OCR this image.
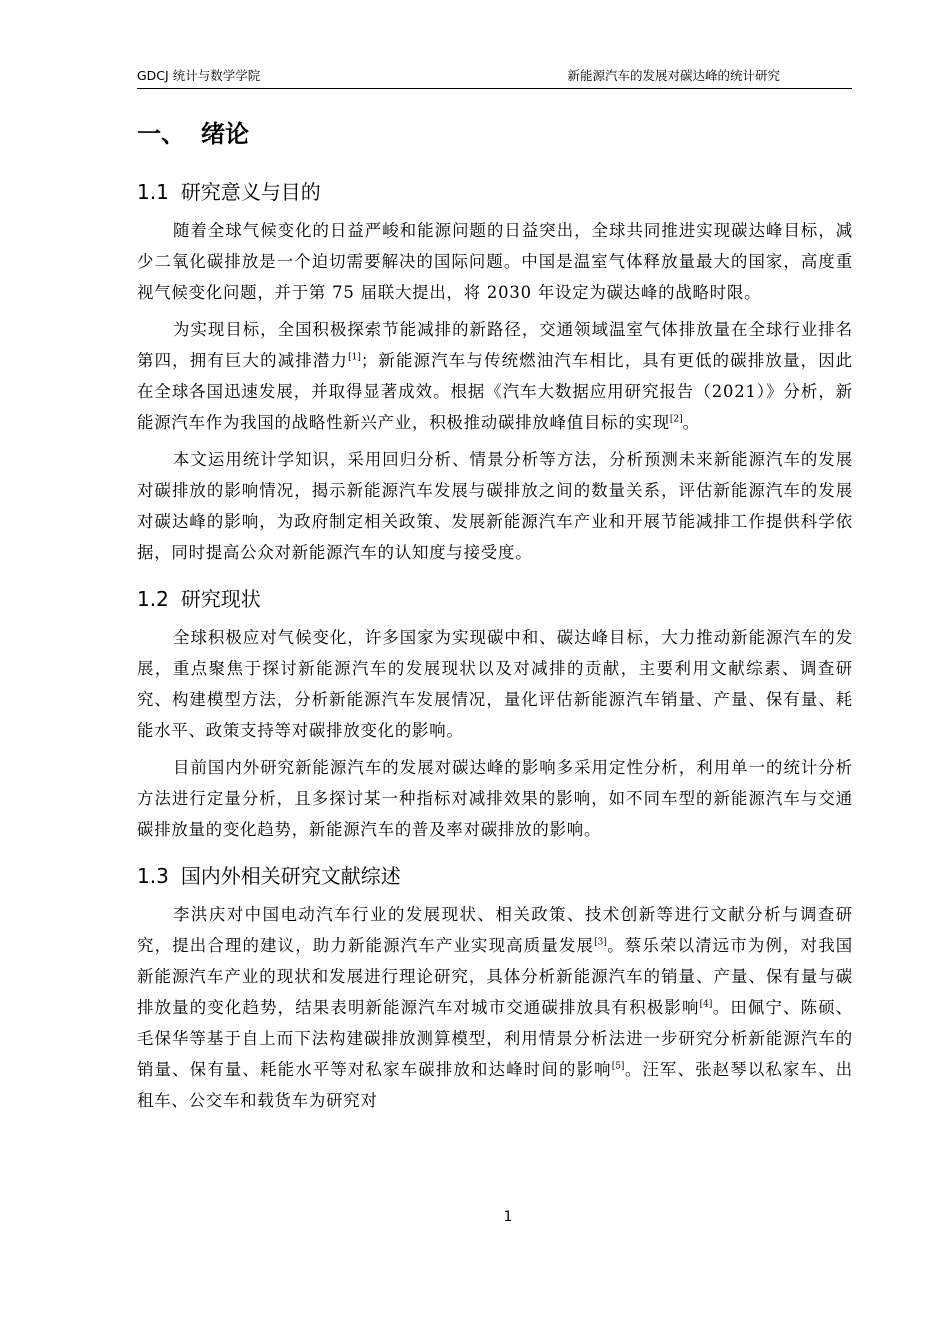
GDCJ 统计与数学学院	新能源汽车的发展对碳达峰的统计研究
一、 绪论
1.1 研究意义与目的

随着全球气候变化的日益严峻和能源问题的日益突出，全球共同推进实现碳达峰目标，减少二氧化碳排放是一个迫切需要解决的国际问题。中国是温室气体释放量最大的国家，高度重视气候变化问题，并于第 75 届联大提出，将 2030 年设定为碳达峰的战略时限。

为实现目标，全国积极探索节能减排的新路径，交通领域温室气体排放量在全球行业排名第四，拥有巨大的减排潜力[1]；新能源汽车与传统燃油汽车相比，具有更低的碳排放量，因此在全球各国迅速发展，并取得显著成效。根据《汽车大数据应用研究报告（2021）》分析，新能源汽车作为我国的战略性新兴产业，积极推动碳排放峰值目标的实现[2]。

本文运用统计学知识，采用回归分析、情景分析等方法，分析预测未来新能源汽车的发展对碳排放的影响情况，揭示新能源汽车发展与碳排放之间的数量关系，评估新能源汽车的发展对碳达峰的影响，为政府制定相关政策、发展新能源汽车产业和开展节能减排工作提供科学依据，同时提高公众对新能源汽车的认知度与接受度。

1.2 研究现状

全球积极应对气候变化，许多国家为实现碳中和、碳达峰目标，大力推动新能源汽车的发展，重点聚焦于探讨新能源汽车的发展现状以及对减排的贡献，主要利用文献综素、调查研究、构建模型方法，分析新能源汽车发展情况，量化评估新能源汽车销量、产量、保有量、耗能水平、政策支持等对碳排放变化的影响。

目前国内外研究新能源汽车的发展对碳达峰的影响多采用定性分析，利用单一的统计分析方法进行定量分析，且多探讨某一种指标对减排效果的影响，如不同车型的新能源汽车与交通碳排放量的变化趋势，新能源汽车的普及率对碳排放的影响。

1.3 国内外相关研究文献综述

李洪庆对中国电动汽车行业的发展现状、相关政策、技术创新等进行文献分析与调查研究，提出合理的建议，助力新能源汽车产业实现高质量发展[3]。蔡乐荣以清远市为例，对我国新能源汽车产业的现状和发展进行理论研究，具体分析新能源汽车的销量、产量、保有量与碳排放量的变化趋势，结果表明新能源汽车对城市交通碳排放具有积极影响[4]。田佩宁、陈硕、毛保华等基于自上而下法构建碳排放测算模型，利用情景分析法进一步研究分析新能源汽车的销量、保有量、耗能水平等对私家车碳排放和达峰时间的影响[5]。汪军、张赵琴以私家车、出租车、公交车和载货车为研究对

1
